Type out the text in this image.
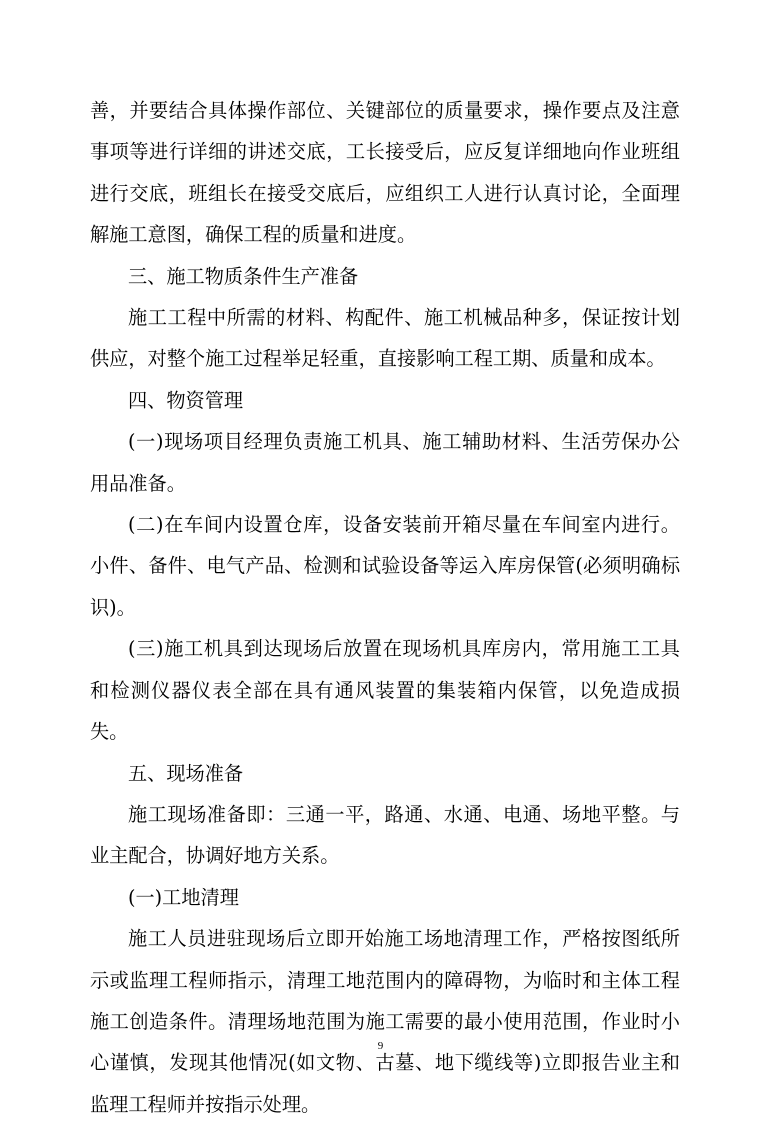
善，并要结合具体操作部位、关键部位的质量要求，操作要点及注意事项等进行详细的讲述交底，工长接受后，应反复详细地向作业班组进行交底，班组长在接受交底后，应组织工人进行认真讨论，全面理解施工意图，确保工程的质量和进度。

三、施工物质条件生产准备

施工工程中所需的材料、构配件、施工机械品种多，保证按计划供应，对整个施工过程举足轻重，直接影响工程工期、质量和成本。

四、物资管理

(一)现场项目经理负责施工机具、施工辅助材料、生活劳保办公用品准备。

(二)在车间内设置仓库，设备安装前开箱尽量在车间室内进行。小件、备件、电气产品、检测和试验设备等运入库房保管(必须明确标识)。

(三)施工机具到达现场后放置在现场机具库房内，常用施工工具和检测仪器仪表全部在具有通风装置的集装箱内保管，以免造成损失。

五、现场准备

施工现场准备即：三通一平，路通、水通、电通、场地平整。与业主配合，协调好地方关系。

(一)工地清理

施工人员进驻现场后立即开始施工场地清理工作，严格按图纸所示或监理工程师指示，清理工地范围内的障碍物，为临时和主体工程施工创造条件。清理场地范围为施工需要的最小使用范围，作业时小心谨慎，发现其他情况(如文物、古墓、地下缆线等)立即报告业主和监理工程师并按指示处理。

9
